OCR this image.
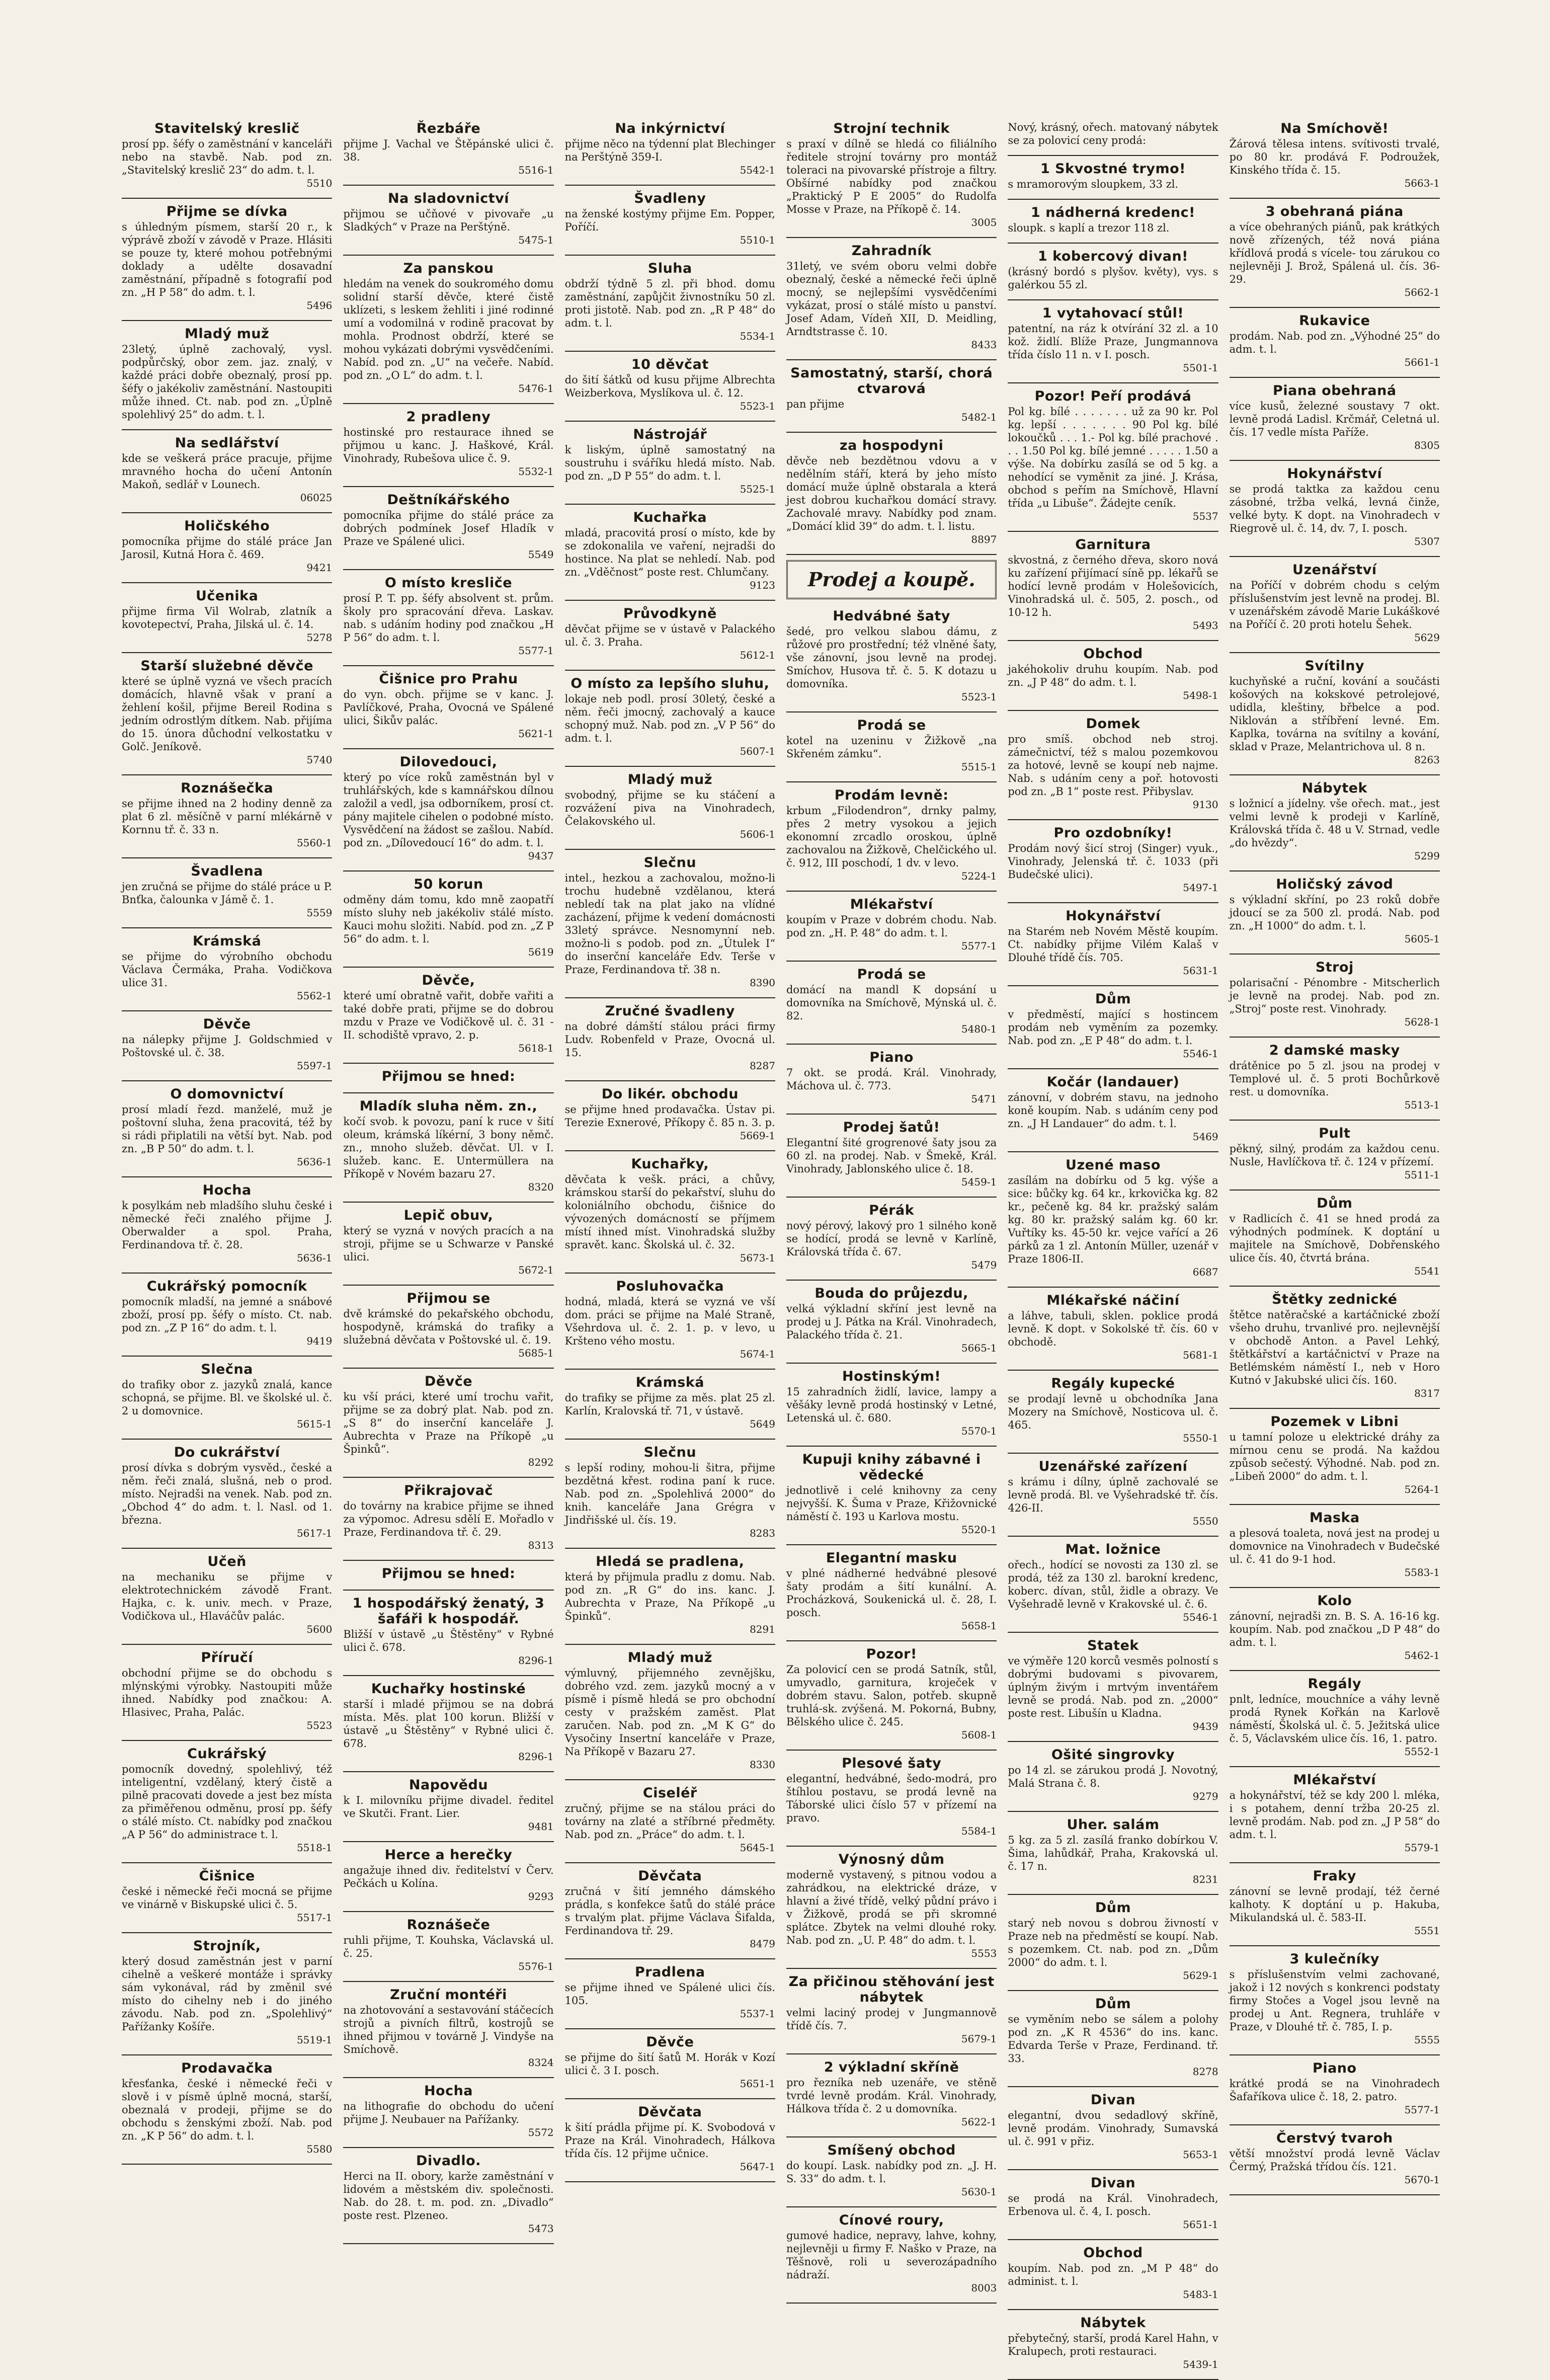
Stavitelský kreslič

prosí pp. šéfy o zaměstnání v kanceláři nebo na stavbě. Nab. pod zn. „Stavitelský kreslič 23“ do adm. t. l.

5510
Přijme se dívka

s úhledným písmem, starší 20 r., k výprávě zboží v závodě v Praze. Hlásiti se pouze ty, které mohou potřebnými doklady a udělte dosavadní zaměstnání, případně s fotografií pod zn. „H P 58“ do adm. t. l.

5496
Mladý muž

23letý, úplně zachovalý, vysl. podpůrčský, obor zem. jaz. znalý, v každé práci dobře obeznalý, prosí pp. šéfy o jakékoliv zaměstnání. Nastoupiti může ihned. Ct. nab. pod zn. „Úplně spolehlivý 25“ do adm. t. l.

Na sedlářství

kde se veškerá práce pracuje, přijme mravného hocha do učení Antonín Makoň, sedlář v Lounech.

06025
Holičského

pomocníka přijme do stálé práce Jan Jarosil, Kutná Hora č. 469.

9421
Učenika

přijme firma Vil Wolrab, zlatník a kovotepectví, Praha, Jilská ul. č. 14.

5278
Starší služebné děvče

které se úplně vyzná ve všech pracích domácích, hlavně však v praní a žehlení košil, přijme Bereil Rodina s jedním odrostlým dítkem. Nab. přijíma do 15. února důchodní velkostatku v Golč. Jeníkově.

5740
Roznášečka

se přijme ihned na 2 hodiny denně za plat 6 zl. měsíčně v parní mlékárně v Kornnu tř. č. 33 n.

5560-1
Švadlena

jen zručná se přijme do stálé práce u P. Bnťka, čalounka v Jámě č. 1.

5559
Krámská

se přijme do výrobního obchodu Václava Čermáka, Praha. Vodičkova ulice 31.

5562-1
Děvče

na nálepky přijme J. Goldschmied v Poštovské ul. č. 38.

5597-1
O domovnictví

prosí mladí řezd. manželé, muž je poštovní sluha, žena pracovitá, též by si rádi připlatili na větší byt. Nab. pod zn. „B P 50“ do adm. t. l.

5636-1
Hocha

k posylkám neb mladšího sluhu české i německé řeči znalého přijme J. Oberwalder a spol. Praha, Ferdinandova tř. č. 28.

5636-1
Cukrářský pomocník

pomocník mladší, na jemné a snábové zboží, prosí pp. šéfy o místo. Ct. nab. pod zn. „Z P 16“ do adm. t. l.

9419
Slečna

do trafiky obor z. jazyků znalá, kance schopná, se přijme. Bl. ve školské ul. č. 2 u domovnice.

5615-1
Do cukrářství

prosí dívka s dobrým vysvěd., české a něm. řeči znalá, slušná, neb o prod. místo. Nejradši na venek. Nab. pod zn. „Obchod 4“ do adm. t. l. Nasl. od 1. března.

5617-1
Učeň

na mechaniku se přijme v elektrotechnickém závodě Frant. Hajka, c. k. univ. mech. v Praze, Vodičkova ul., Hlaváčův palác.

5600
Příručí

obchodní přijme se do obchodu s mlýnskými výrobky. Nastoupiti může ihned. Nabídky pod značkou: A. Hlasivec, Praha, Palác.

5523
Cukrářský

pomocník dovedný, spolehlivý, též inteligentní, vzdělaný, který čistě a pilně pracovati dovede a jest bez místa za přiměřenou odměnu, prosí pp. šéfy o stálé místo. Ct. nabídky pod značkou „A P 56“ do administrace t. l.

5518-1
Čišnice

české i německé řeči mocná se přijme ve vinárně v Biskupské ulici č. 5.

5517-1
Strojník,

který dosud zaměstnán jest v parní cihelně a veškeré montáže i správky sám vykonával, rád by změnil své místo do cihelny neb i do jiného závodu. Nab. pod zn. „Spolehlivý“ Pařížanky Košíře.

5519-1
Prodavačka

křesťanka, české i německé řeči v slově i v písmě úplně mocná, starší, obeznalá v prodeji, přijme se do obchodu s ženskými zboží. Nab. pod zn. „K P 56“ do adm. t. l.

5580
Řezbáře

přijme J. Vachal ve Štěpánské ulici č. 38.

5516-1
Na sladovnictví

přijmou se učňové v pivovaře „u Sladkých“ v Praze na Perštýně.

5475-1
Za panskou

hledám na venek do soukromého domu solidní starší děvče, které čistě uklízeti, s leskem žehliti i jiné rodinné umí a vodomilná v rodině pracovat by mohla. Prodnost obdrží, které se mohou vykázati dobrými vysvědčeními. Nabíd. pod zn. „U“ na večeře. Nabíd. pod zn. „O L“ do adm. t. l.

5476-1
2 pradleny

hostinské pro restaurace ihned se přijmou u kanc. J. Haškové, Král. Vinohrady, Rubešova ulice č. 9.

5532-1
Deštníkářského

pomocníka přijme do stálé práce za dobrých podmínek Josef Hladík v Praze ve Spálené ulici.

5549
O místo kresliče

prosí P. T. pp. šéfy absolvent st. prům. školy pro spracování dřeva. Laskav. nab. s udáním hodiny pod značkou „H P 56“ do adm. t. l.

5577-1
Čišnice pro Prahu

do vyn. obch. přijme se v kanc. J. Pavlíčkové, Praha, Ovocná ve Spálené ulici, Šikův palác.

5621-1
Dilovedouci,

který po více roků zaměstnán byl v truhlářských, kde s kamnářskou dílnou založil a vedl, jsa odborníkem, prosí ct. pány majitele cihelen o podobné místo. Vysvědčení na žádost se zašlou. Nabíd. pod zn. „Dílovedoucí 16“ do adm. t. l.

9437
50 korun

odměny dám tomu, kdo mně zaopatří místo sluhy neb jakékoliv stálé místo. Kauci mohu složiti. Nabíd. pod zn. „Z P 56“ do adm. t. l.

5619
Děvče,

které umí obratně vařit, dobře vařiti a také dobře prati, přijme se do dobrou mzdu v Praze ve Vodičkově ul. č. 31 - II. schodiště vpravo, 2. p.

5618-1
Přijmou se hned:
Mladík sluha něm. zn.,

kočí svob. k povozu, paní k ruce v šití oleum, krámská líkérní, 3 bony němč. zn., mnoho služeb. děvčat. Ul. v I. služeb. kanc. E. Untermüllera na Příkopě v Novém bazaru 27.

8320
Lepič obuv,

který se vyzná v nových pracích a na stroji, přijme se u Schwarze v Panské ulici.

5672-1
Přijmou se

dvě krámské do pekařského obchodu, hospodyně, krámská do trafiky a služebná děvčata v Poštovské ul. č. 19.

5685-1
Děvče

ku vší práci, které umí trochu vařit, přijme se za dobrý plat. Nab. pod zn. „S 8“ do inserční kanceláře J. Aubrechta v Praze na Příkopě „u Špinků“.

8292
Přikrajovač

do továrny na krabice přijme se ihned za výpomoc. Adresu sdělí E. Mořadlo v Praze, Ferdinandova tř. č. 29.

8313
Přijmou se hned:
1 hospodářský ženatý, 3 šafáři k hospodář.

Bližší v ústavě „u Štěstěny“ v Rybné ulici č. 678.

8296-1
Kuchařky hostinské

starší i mladé přijmou se na dobrá místa. Měs. plat 100 korun. Bližší v ústavě „u Štěstěny“ v Rybné ulici č. 678.

8296-1
Napovědu

k I. milovníku přijme divadel. ředitel ve Skutči. Frant. Lier.

9481
Herce a herečky

angažuje ihned div. ředitelství v Červ. Pečkách u Kolína.

9293
Roznášeče

ruhli přijme, T. Kouhska, Václavská ul. č. 25.

5576-1
Zruční montéři

na zhotovování a sestavování stáčecích strojů a pivních filtrů, kostrojů se ihned přijmou v továrně J. Vindyše na Smíchově.

8324
Hocha

na lithografie do obchodu do učení přijme J. Neubauer na Pařížanky.

5572
Divadlo.

Herci na II. obory, karže zaměstnání v lidovém a městském div. společnosti. Nab. do 28. t. m. pod. zn. „Divadlo“ poste rest. Plzeneo.

5473
Na inkýrnictví

přijme něco na týdenní plat Blechinger na Perštýně 359-I.

5542-1
Švadleny

na ženské kostýmy přijme Em. Popper, Poříčí.

5510-1
Sluha

obdrží týdně 5 zl. při bhod. domu zaměstnání, zapůjčit živnostníku 50 zl. proti jistotě. Nab. pod zn. „R P 48“ do adm. t. l.

5534-1
10 děvčat

do šití šátků od kusu přijme Albrechta Weizberkova, Myslíkova ul. č. 12.

5523-1
Nástrojář

k liským, úplně samostatný na soustruhu i sváříku hledá místo. Nab. pod zn. „D P 55“ do adm. t. l.

5525-1
Kuchařka

mladá, pracovitá prosí o místo, kde by se zdokonalila ve vaření, nejradši do hostince. Na plat se nehledí. Nab. pod zn. „Vděčnost“ poste rest. Chlumčany.

9123
Průvodkyně

děvčat přijme se v ústavě v Palackého ul. č. 3. Praha.

5612-1
O místo za lepšího sluhu,

lokaje neb podl. prosí 30letý, české a něm. řeči jmocný, zachovalý a kauce schopný muž. Nab. pod zn. „V P 56“ do adm. t. l.

5607-1
Mladý muž

svobodný, přijme se ku stáčení a rozvážení piva na Vinohradech, Čelakovského ul.

5606-1
Slečnu

intel., hezkou a zachovalou, možno-li trochu hudebně vzdělanou, která nebledí tak na plat jako na vlídné zacházení, přijme k vedení domácnosti 33letý správce. Nesnomynní neb. možno-li s podob. pod zn. „Útulek I“ do inserční kanceláře Edv. Terše v Praze, Ferdinandova tř. 38 n.

8390
Zručné švadleny

na dobré dámští stálou práci firmy Ludv. Robenfeld v Praze, Ovocná ul. 15.

8287
Do likér. obchodu

se přijme hned prodavačka. Ústav pi. Terezie Exnerové, Příkopy č. 85 n. 3. p.

5669-1
Kuchařky,

děvčata k vešk. práci, a chůvy, krámskou starší do pekařství, sluhu do koloniálního obchodu, čišnice do vývozených domácností se příjmem místí ihned míst. Vinohradská služby spravět. kanc. Školská ul. č. 32.

5673-1
Posluhovačka

hodná, mladá, která se vyzná ve vší dom. práci se přijme na Malé Straně, Všehrdova ul. č. 2. 1. p. v levo, u Kršteno vého mostu.

5674-1
Krámská

do trafiky se přijme za měs. plat 25 zl. Karlín, Kralovská tř. 71, v ústavě.

5649
Slečnu

s lepší rodiny, mohou-li šitra, přijme bezdětná křest. rodina paní k ruce. Nab. pod zn. „Spolehlivá 2000“ do knih. kanceláře Jana Grégra v Jindřišské ul. čís. 19.

8283
Hledá se pradlena,

která by přijmula pradlu z domu. Nab. pod zn. „R G“ do ins. kanc. J. Aubrechta v Praze, Na Příkopě „u Špinků“.

8291
Mladý muž

výmluvný, přijemného zevnějšku, dobrého vzd. zem. jazyků mocný a v písmě i písmě hledá se pro obchodní cesty v pražském zaměst. Plat zaručen. Nab. pod zn. „M K G“ do Vysočiny Insertní kanceláře v Praze, Na Příkopě v Bazaru 27.

8330
Ciseléř

zručný, přijme se na stálou práci do továrny na zlaté a stříbrné předměty. Nab. pod zn. „Práce“ do adm. t. l.

5645-1
Děvčata

zručná v šití jemného dámského prádla, s konfekce šatů do stálé práce s trvalým plat. přijme Václava Šifalda, Ferdinandova tř. 29.

8479
Pradlena

se přijme ihned ve Spálené ulici čís. 105.

5537-1
Děvče

se přijme do šití šatů M. Horák v Kozí ulici č. 3 I. posch.

5651-1
Děvčata

k šití prádla přijme pí. K. Svobodová v Praze na Král. Vinohradech, Hálkova třída čís. 12 přijme učnice.

5647-1
Strojní technik

s praxí v dílně se hledá co filiálního ředitele strojní továrny pro montáž toleraci na pivovarské přístroje a filtry. Obšírné nabídky pod značkou „Praktický P E 2005“ do Rudolfa Mosse v Praze, na Příkopě č. 14.

3005
Zahradník

31letý, ve svém oboru velmi dobře obeznalý, české a německé řeči úplně mocný, se nejlepšími vysvědčeními vykázat, prosí o stálé místo u panství. Josef Adam, Vídeň XII, D. Meidling, Arndtstrasse č. 10.

8433
Samostatný, starší, chorá ctvarová

pan přijme

5482-1
za hospodyni

děvče neb bezdětnou vdovu a v nedělním stáří, která by jeho místo domácí muže úplně obstarala a která jest dobrou kuchařkou domácí stravy. Zachovalé mravy. Nabídky pod znam. „Domácí klid 39“ do adm. t. l. listu.

8897
Prodej a koupě.
Hedvábné šaty

šedé, pro velkou slabou dámu, z růžové pro prostřední; též vlněné šaty, vše zánovní, jsou levně na prodej. Smíchov, Husova tř. č. 5. K dotazu u domovníka.

5523-1
Prodá se

kotel na uzeninu v Žižkově „na Skřeném zámku“.

5515-1
Prodám levně:

krbum „Filodendron“, drnky palmy, přes 2 metry vysokou a jejich ekonomní zrcadlo oroskou, úplně zachovalou na Žižkově, Chelčického ul. č. 912, III poschodí, 1 dv. v levo.

5224-1
Mlékařství

koupím v Praze v dobrém chodu. Nab. pod zn. „H. P. 48“ do adm. t. l.

5577-1
Prodá se

domácí na mandl K dopsání u domovníka na Smíchově, Mýnská ul. č. 82.

5480-1
Piano

7 okt. se prodá. Král. Vinohrady, Máchova ul. č. 773.

5471
Prodej šatů!

Elegantní šité grogrenové šaty jsou za 60 zl. na prodej. Nab. v Šmekě, Král. Vinohrady, Jablonského ulice č. 18.

5459-1
Pérák

nový pérový, lakový pro 1 silného koně se hodící, prodá se levně v Karlíně, Královská třída č. 67.

5479
Bouda do průjezdu,

velká výkladní skříní jest levně na prodej u J. Pátka na Král. Vinohradech, Palackého třída č. 21.

5665-1
Hostinským!

15 zahradních židlí, lavice, lampy a věšáky levně prodá hostinský v Letné, Letenská ul. č. 680.

5570-1
Kupuji knihy zábavné i vědecké

jednotlivě i celé knihovny za ceny nejvyšší. K. Šuma v Praze, Křižovnické náměstí č. 193 u Karlova mostu.

5520-1
Elegantní masku

v plné nádherné hedvábné plesové šaty prodám a šití kunální. A. Procházková, Soukenická ul. č. 28, I. posch.

5658-1
Pozor!

Za polovicí cen se prodá Satník, stůl, umyvadlo, garnitura, kroječek v dobrém stavu. Salon, potřeb. skupně truhlá-sk. zvýšená. M. Pokorná, Bubny, Bělského ulice č. 245.

5608-1
Plesové šaty

elegantní, hedvábné, šedo-modrá, pro štíhlou postavu, se prodá levně na Táborské ulici číslo 57 v přízemí na pravo.

5584-1
Výnosný dům

moderně vystavený, s pitnou vodou a zahrádkou, na elektrické dráze, v hlavní a živé třídě, velký půdní právo i v Žižkově, prodá se při skromné splátce. Zbytek na velmi dlouhé roky. Nab. pod zn. „U. P. 48“ do adm. t. l.

5553
Za přičinou stěhování jest nábytek

velmi laciný prodej v Jungmannově třídě čís. 7.

5679-1
2 výkladní skříně

pro řezníka neb uzenáře, ve stěně tvrdé levně prodám. Král. Vinohrady, Hálkova třída č. 2 u domovníka.

5622-1
Smíšený obchod

do koupí. Lask. nabídky pod zn. „J. H. S. 33“ do adm. t. l.

5630-1
Cínové roury,

gumové hadice, nepravy, lahve, kohny, nejlevněji u firmy F. Naško v Praze, na Těšnově, roli u severozápadního nádraží.

8003

Nový, krásný, ořech. matovaný nábytek se za polovicí ceny prodá:

1 Skvostné trymo!

s mramorovým sloupkem, 33 zl.

1 nádherná kredenc!

sloupk. s kaplí a trezor 118 zl.

1 kobercový divan!

(krásný bordó s plyšov. květy), vys. s galérkou 55 zl.

1 vytahovací stůl!

patentní, na ráz k otvírání 32 zl. a 10 kož. židlí. Blíže Praze, Jungmannova třída číslo 11 n. v I. posch.

5501-1
Pozor! Peří prodává

Pol kg. bílé . . . . . . . už za 90 kr. Pol kg. lepší . . . . . . . 90 Pol kg. bílé lokoučků . . . 1.- Pol kg. bílé prachové . . . 1.50 Pol kg. bílé jemné . . . . . 1.50 a výše. Na dobírku zasílá se od 5 kg. a nehodící se vyměnit za jiné. J. Krása, obchod s peřím na Smíchově, Hlavní třída „u Libuše“. Žádejte ceník.

5537
Garnitura

skvostná, z černého dřeva, skoro nová ku zařízení přijímací síně pp. lékařů se hodící levně prodám v Holešovicích, Vinohradská ul. č. 505, 2. posch., od 10-12 h.

5493
Obchod

jakéhokoliv druhu koupím. Nab. pod zn. „J P 48“ do adm. t. l.

5498-1
Domek

pro smíš. obchod neb stroj. zámečnictví, též s malou pozemkovou za hotové, levně se koupí neb najme. Nab. s udáním ceny a poř. hotovosti pod zn. „B 1“ poste rest. Přibyslav.

9130
Pro ozdobníky!

Prodám nový šicí stroj (Singer) vyuk., Vinohrady, Jelenská tř. č. 1033 (při Budečské ulici).

5497-1
Hokynářství

na Starém neb Novém Městě koupím. Ct. nabídky přijme Vilém Kalaš v Dlouhé třídě čís. 705.

5631-1
Dům

v předměstí, mající s hostincem prodám neb vyměním za pozemky. Nab. pod zn. „E P 48“ do adm. t. l.

5546-1
Kočár (landauer)

zánovní, v dobrém stavu, na jednoho koně koupím. Nab. s udáním ceny pod zn. „J H Landauer“ do adm. t. l.

5469
Uzené maso

zasílám na dobírku od 5 kg. výše a sice: bůčky kg. 64 kr., krkovička kg. 82 kr., pečeně kg. 84 kr. pražský salám kg. 80 kr. pražský salám kg. 60 kr. Vuřtíky ks. 45-50 kr. vejce vařící a 26 párků za 1 zl. Antonín Müller, uzenář v Praze 1806-II.

6687
Mlékařské náčiní

a láhve, tabuli, sklen. poklice prodá levně. K dopt. v Sokolské tř. čís. 60 v obchodě.

5681-1
Regály kupecké

se prodají levně u obchodníka Jana Mozery na Smíchově, Nosticova ul. č. 465.

5550-1
Uzenářské zařízení

s krámu i dílny, úplně zachovalé se levně prodá. Bl. ve Vyšehradské tř. čís. 426-II.

5550
Mat. ložnice

ořech., hodící se novosti za 130 zl. se prodá, též za 130 zl. barokní kredenc, koberc. dívan, stůl, židle a obrazy. Ve Vyšehradě levně v Krakovské ul. č. 6.

5546-1
Statek

ve výměře 120 korců vesměs polností s dobrými budovami s pivovarem, úplným živým i mrtvým inventářem levně se prodá. Nab. pod zn. „2000“ poste rest. Libušín u Kladna.

9439
Ošité singrovky

po 14 zl. se zárukou prodá J. Novotný, Malá Strana č. 8.

9279
Uher. salám

5 kg. za 5 zl. zasílá franko dobírkou V. Šima, lahůdkář, Praha, Krakovská ul. č. 17 n.

8231
Dům

starý neb novou s dobrou živností v Praze neb na předměstí se koupí. Nab. s pozemkem. Ct. nab. pod zn. „Dům 2000“ do adm. t. l.

5629-1
Dům

se vyměním nebo se sálem a polohy pod zn. „K R 4536“ do ins. kanc. Edvarda Terše v Praze, Ferdinand. tř. 33.

8278
Divan

elegantní, dvou sedadlový skříně, levně prodám. Vinohrady, Sumavská ul. č. 991 v přiz.

5653-1
Divan

se prodá na Král. Vinohradech, Erbenova ul. č. 4, I. posch.

5651-1
Obchod

koupím. Nab. pod zn. „M P 48“ do administ. t. l.

5483-1
Nábytek

přebytečný, starší, prodá Karel Hahn, v Kralupech, proti restauraci.

5439-1
Na Smíchově!

Žárová tělesa intens. svítivosti trvalé, po 80 kr. prodává F. Podroužek, Kinského třída č. 15.

5663-1
3 obehraná piána

a více obehraných piánů, pak krátkých nově zřízených, též nová piána křídlová prodá s vícele- tou zárukou co nejlevněji J. Brož, Spálená ul. čís. 36-29.

5662-1
Rukavice

prodám. Nab. pod zn. „Výhodné 25“ do adm. t. l.

5661-1
Piana obehraná

více kusů, železné soustavy 7 okt. levně prodá Ladisl. Krčmář, Celetná ul. čís. 17 vedle místa Paříže.

8305
Hokynářství

se prodá taktka za každou cenu zásobné, tržba velká, levná činže, velké byty. K dopt. na Vinohradech v Riegrově ul. č. 14, dv. 7, I. posch.

5307
Uzenářství

na Poříčí v dobrém chodu s celým příslušenstvím jest levně na prodej. Bl. v uzenářském závodě Marie Lukáškové na Poříčí č. 20 proti hotelu Šehek.

5629
Svítilny

kuchyňské a ruční, kování a součásti košových na kokskové petrolejové, udidla, kleštiny, břbelce a pod. Niklován a stříbření levné. Em. Kaplka, továrna na svítilny a kování, sklad v Praze, Melantrichova ul. 8 n.

8263
Nábytek

s ložnicí a jídelny. vše ořech. mat., jest velmi levně k prodeji v Karlíně, Královská třída č. 48 u V. Strnad, vedle „do hvězdy“.

5299
Holičský závod

s výkladní skříní, po 23 roků dobře jdoucí se za 500 zl. prodá. Nab. pod zn. „H 1000“ do adm. t. l.

5605-1
Stroj

polarisační - Pénombre - Mitscherlich je levně na prodej. Nab. pod zn. „Stroj“ poste rest. Vinohrady.

5628-1
2 damské masky

drátěnice po 5 zl. jsou na prodej v Templové ul. č. 5 proti Bochůrkově rest. u domovníka.

5513-1
Pult

pěkný, silný, prodám za každou cenu. Nusle, Havlíčkova tř. č. 124 v přízemí.

5511-1
Dům

v Radlicích č. 41 se hned prodá za výhodných podmínek. K doptání u majitele na Smíchově, Dobřenského ulice čís. 40, čtvrtá brána.

5541
Štětky zednické

štětce natěračské a kartáčnické zboží všeho druhu, trvanlivé pro. nejlevnější v obchodě Anton. a Pavel Lehký, štětkářství a kartáčnictví v Praze na Betlémském náměstí I., neb v Horo Kutnó v Jakubské ulici čís. 160.

8317
Pozemek v Libni

u tamní poloze u elektrické dráhy za mírnou cenu se prodá. Na každou způsob sečestý. Výhodné. Nab. pod zn. „Libeň 2000“ do adm. t. l.

5264-1
Maska

a plesová toaleta, nová jest na prodej u domovnice na Vinohradech v Budečské ul. č. 41 do 9-1 hod.

5583-1
Kolo

zánovní, nejradši zn. B. S. A. 16-16 kg. koupím. Nab. pod značkou „D P 48“ do adm. t. l.

5462-1
Regály

pnlt, ledníce, mouchníce a váhy levně prodá Rynek Kořkán na Karlově náměstí, Školská ul. č. 5. Ježitská ulice č. 5, Václavském ulice čís. 16, 1. patro.

5552-1
Mlékařství

a hokynářství, též se kdy 200 l. mléka, i s potahem, denní tržba 20-25 zl. levně prodám. Nab. pod zn. „J P 58“ do adm. t. l.

5579-1
Fraky

zánovní se levně prodají, též černé kalhoty. K doptání u p. Hakuba, Mikulandská ul. č. 583-II.

5551
3 kulečníky

s příslušenstvím velmi zachované, jakož i 12 nových s konkrenci podstaty firmy Stočes a Vogel jsou levně na prodej u Ant. Regnera, truhláře v Praze, v Dlouhé tř. č. 785, I. p.

5555
Piano

krátké prodá se na Vinohradech Šafaříkova ulice č. 18, 2. patro.

5577-1
Čerstvý tvaroh

větší množství prodá levně Václav Čermý, Pražská třídou čís. 121.

5670-1
